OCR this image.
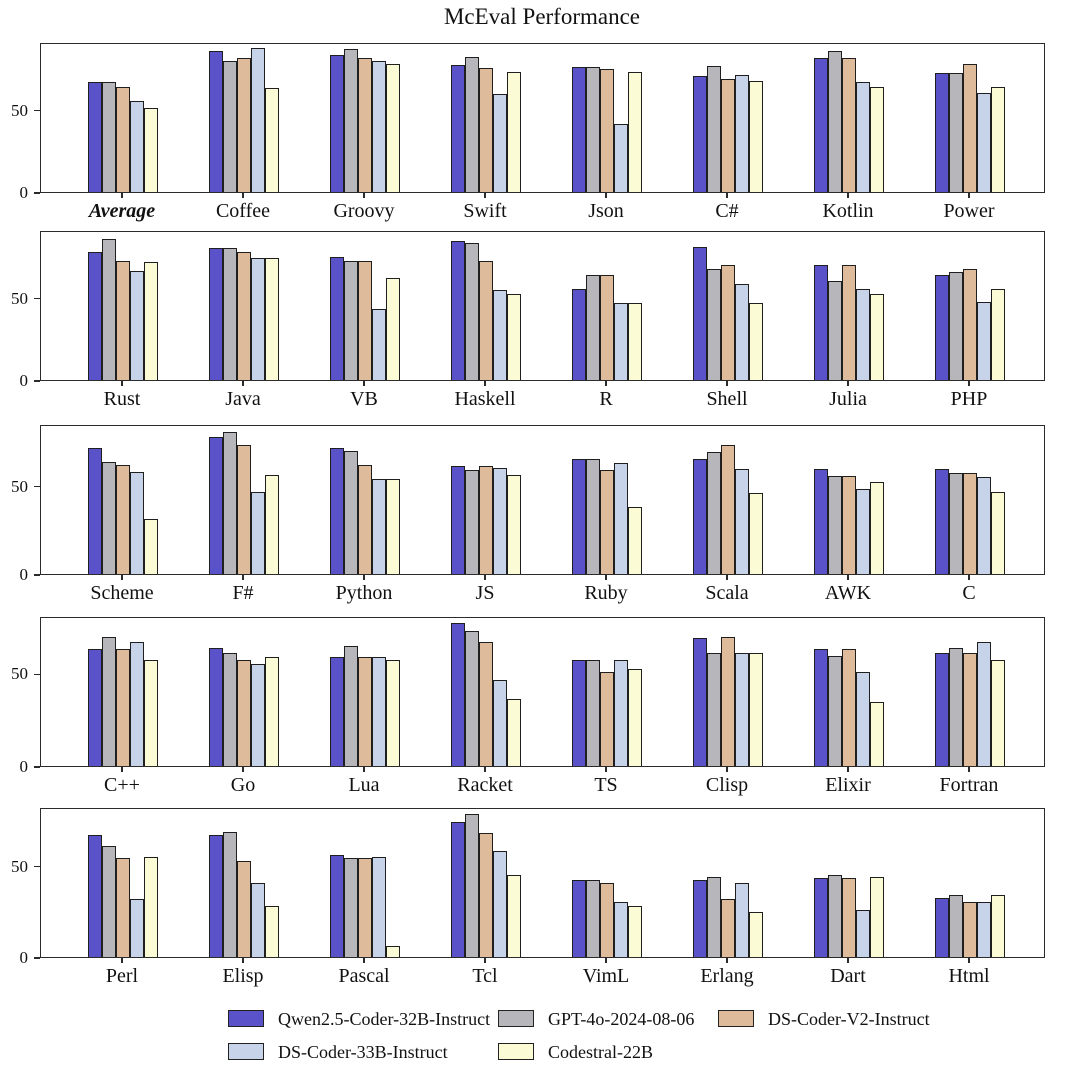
McEval Performance
0
50
Average	Coffee	Groovy	Swift	Json	C#	Kotlin	Power
0
50
Rust	Java	VB	Haskell	R	Shell	Julia	PHP
0
50
Scheme	F#	Python	JS	Ruby	Scala	AWK	C
0
50
C++	Go	Lua	Racket	TS	Clisp	Elixir	Fortran
0
50
Perl	Elisp	Pascal	Tcl	VimL	Erlang	Dart	Html
Qwen2.5-Coder-32B-Instruct	GPT-4o-2024-08-06	DS-Coder-V2-Instruct
DS-Coder-33B-Instruct	Codestral-22B
